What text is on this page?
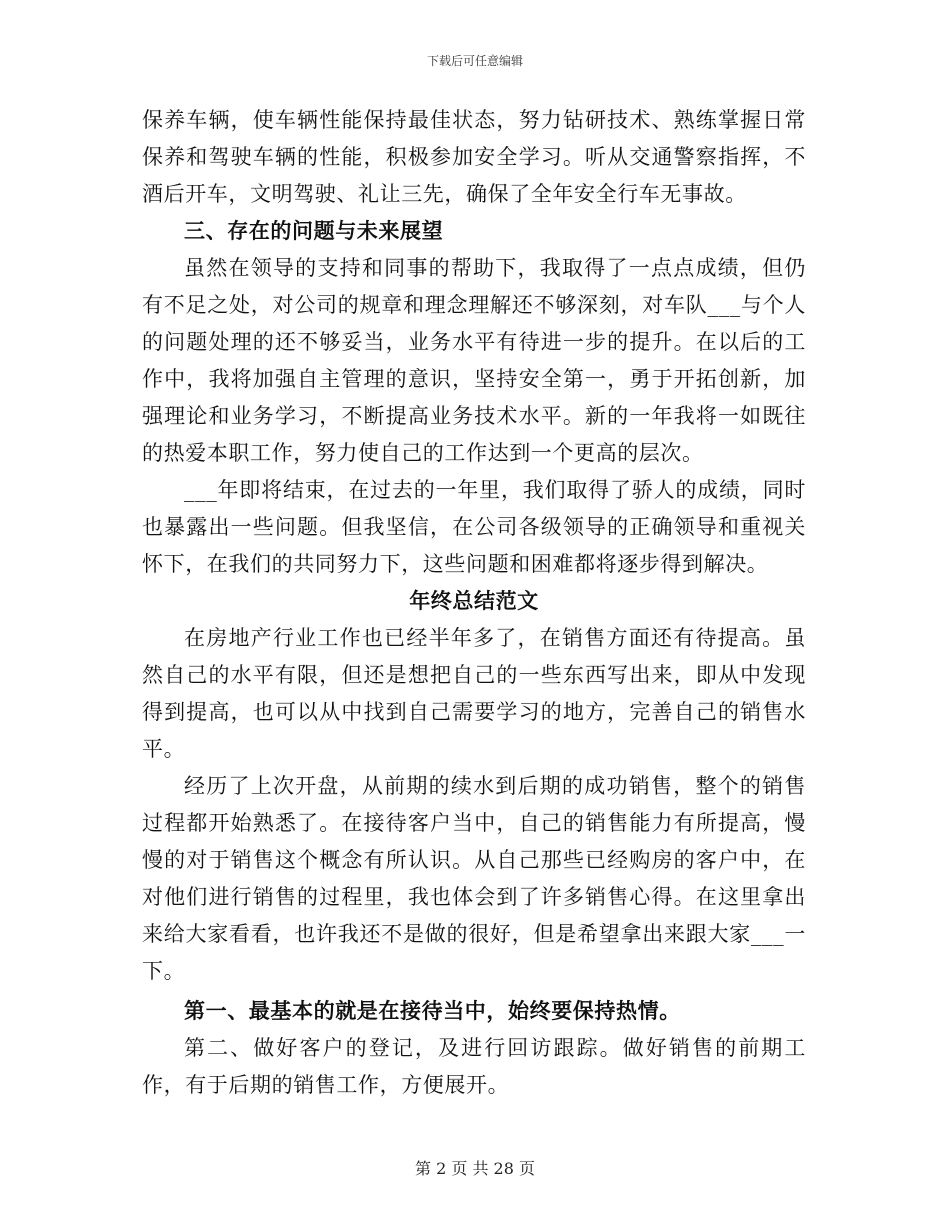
下载后可任意编辑

保养车辆，使车辆性能保持最佳状态，努力钻研技术、熟练掌握日常保养和驾驶车辆的性能，积极参加安全学习。听从交通警察指挥，不酒后开车，文明驾驶、礼让三先，确保了全年安全行车无事故。

三、存在的问题与未来展望

虽然在领导的支持和同事的帮助下，我取得了一点点成绩，但仍有不足之处，对公司的规章和理念理解还不够深刻，对车队___与个人的问题处理的还不够妥当，业务水平有待进一步的提升。在以后的工作中，我将加强自主管理的意识，坚持安全第一，勇于开拓创新，加强理论和业务学习，不断提高业务技术水平。新的一年我将一如既往的热爱本职工作，努力使自己的工作达到一个更高的层次。

___年即将结束，在过去的一年里，我们取得了骄人的成绩，同时也暴露出一些问题。但我坚信，在公司各级领导的正确领导和重视关怀下，在我们的共同努力下，这些问题和困难都将逐步得到解决。

年终总结范文

在房地产行业工作也已经半年多了，在销售方面还有待提高。虽然自己的水平有限，但还是想把自己的一些东西写出来，即从中发现得到提高，也可以从中找到自己需要学习的地方，完善自己的销售水平。

经历了上次开盘，从前期的续水到后期的成功销售，整个的销售过程都开始熟悉了。在接待客户当中，自己的销售能力有所提高，慢慢的对于销售这个概念有所认识。从自己那些已经购房的客户中，在对他们进行销售的过程里，我也体会到了许多销售心得。在这里拿出来给大家看看，也许我还不是做的很好，但是希望拿出来跟大家___一下。

第一、最基本的就是在接待当中，始终要保持热情。

第二、做好客户的登记，及进行回访跟踪。做好销售的前期工作，有于后期的销售工作，方便展开。

第 2 页 共 28 页
